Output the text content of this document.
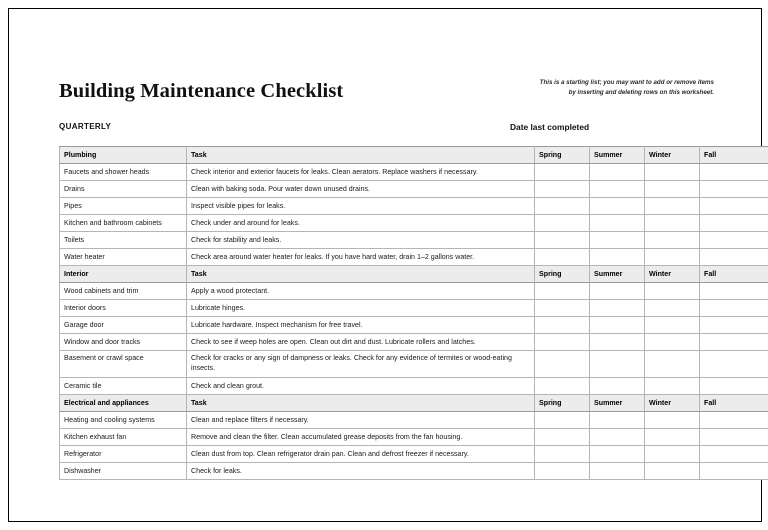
Building Maintenance Checklist	This is a starting list; you may want to add or remove items
by inserting and deleting rows on this worksheet.
QUARTERLY	Date last completed
Plumbing	Task	Spring	Summer	Winter	Fall
Faucets and shower heads	Check interior and exterior faucets for leaks. Clean aerators. Replace washers if necessary.				
Drains	Clean with baking soda. Pour water down unused drains.				
Pipes	Inspect visible pipes for leaks.				
Kitchen and bathroom cabinets	Check under and around for leaks.				
Toilets	Check for stability and leaks.				
Water heater	Check area around water heater for leaks. If you have hard water, drain 1–2 gallons water.				
Interior	Task	Spring	Summer	Winter	Fall
Wood cabinets and trim	Apply a wood protectant.				
Interior doors	Lubricate hinges.				
Garage door	Lubricate hardware. Inspect mechanism for free travel.				
Window and door tracks	Check to see if weep holes are open. Clean out dirt and dust. Lubricate rollers and latches.				
Basement or crawl space	Check for cracks or any sign of dampness or leaks. Check for any evidence of termites or wood-eating insects.				
Ceramic tile	Check and clean grout.				
Electrical and appliances	Task	Spring	Summer	Winter	Fall
Heating and cooling systems	Clean and replace filters if necessary.				
Kitchen exhaust fan	Remove and clean the filter. Clean accumulated grease deposits from the fan housing.				
Refrigerator	Clean dust from top. Clean refrigerator drain pan. Clean and defrost freezer if necessary.				
Dishwasher	Check for leaks.				
